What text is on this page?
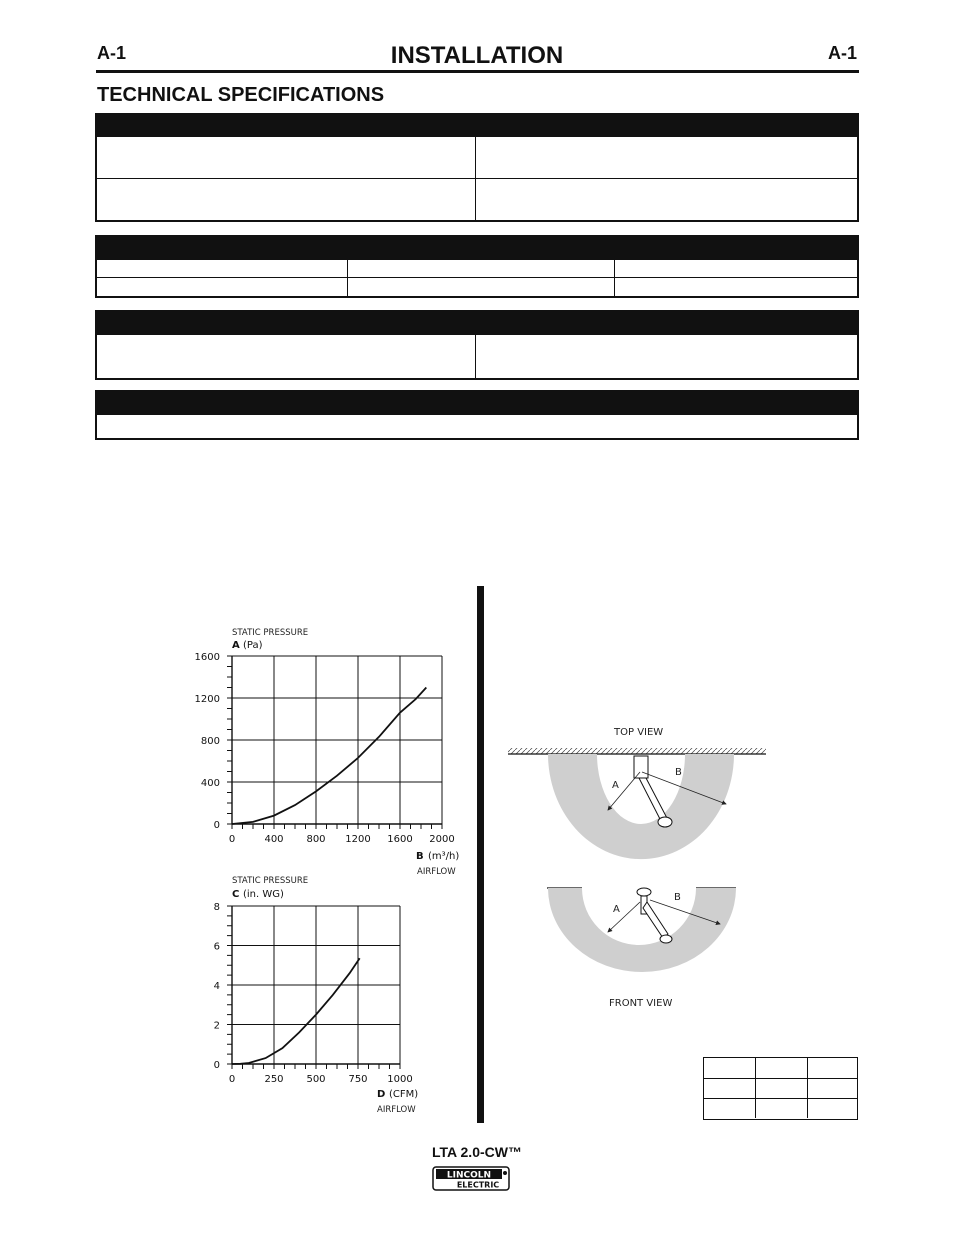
A-1	A-1
INSTALLATION
TECHNICAL SPECIFICATIONS
0	400 800 1200 1600 2000
0
400
800
1200
1600
STATIC PRESSURE
A (Pa)
B (m³/h)
AIRFLOW
0	250 500 750 1000
0
2
4
6
8
STATIC PRESSURE
C (in. WG)
D (CFM)
AIRFLOW
TOP VIEW
A
B
A
B
FRONT VIEW
LTA 2.0-CW™
LINCOLN
ELECTRIC
